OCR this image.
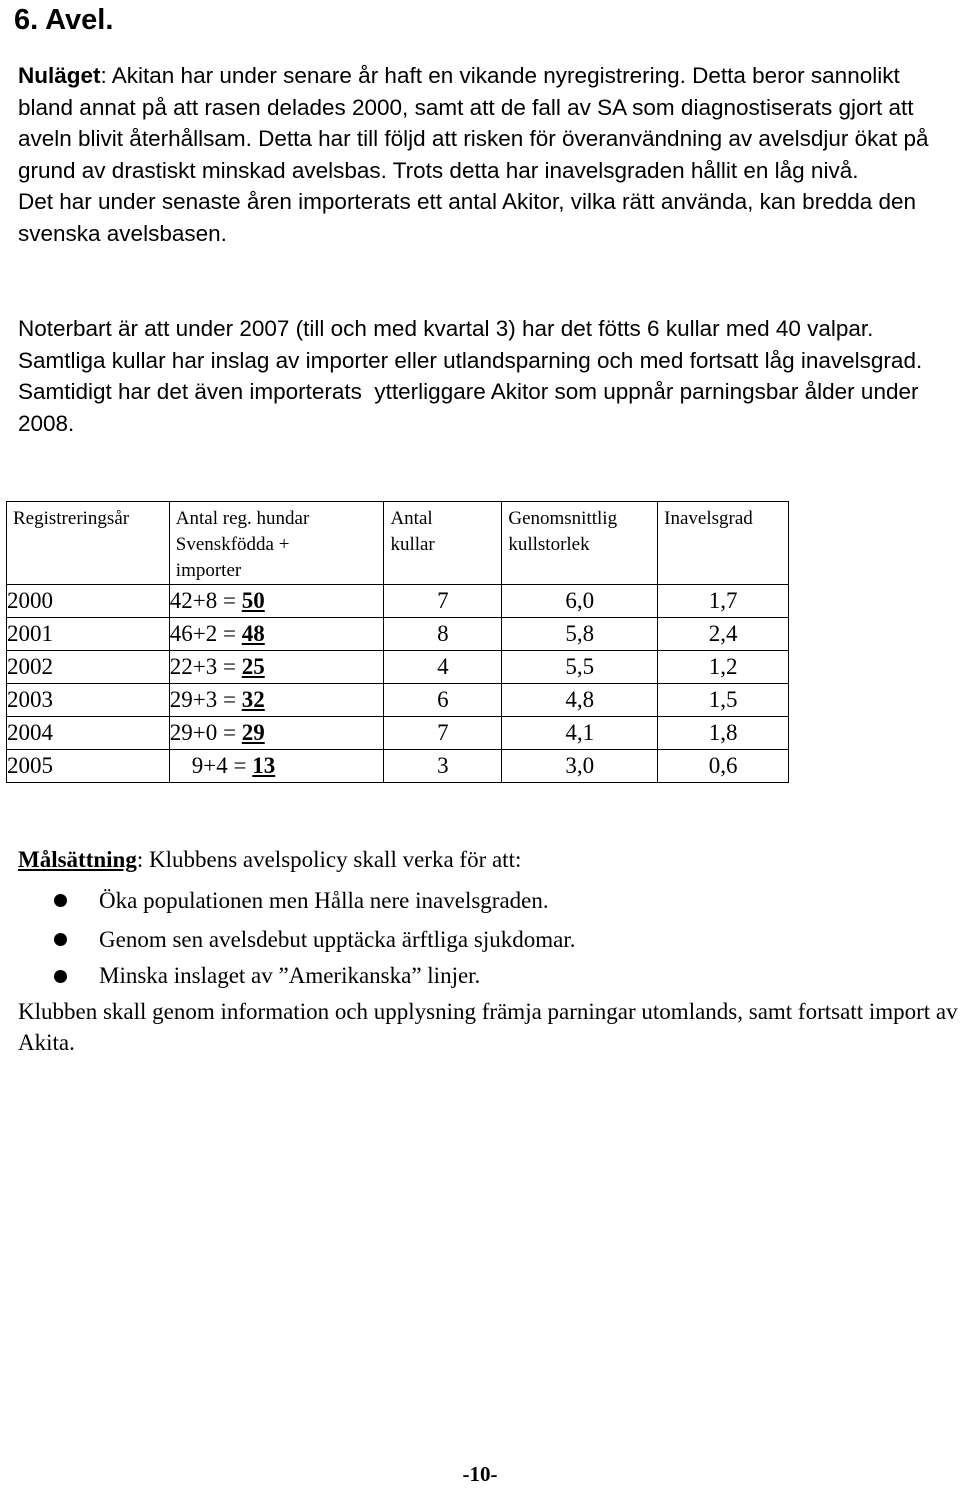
6. Avel.
Nuläget: Akitan har under senare år haft en vikande nyregistrering. Detta beror sannolikt bland annat på att rasen delades 2000, samt att de fall av SA som diagnostiserats gjort att aveln blivit återhållsam. Detta har till följd att risken för överanvändning av avelsdjur ökat på grund av drastiskt minskad avelsbas. Trots detta har inavelsgraden hållit en låg nivå.
Det har under senaste åren importerats ett antal Akitor, vilka rätt använda, kan bredda den svenska avelsbasen.
Noterbart är att under 2007 (till och med kvartal 3) har det fötts 6 kullar med 40 valpar. Samtliga kullar har inslag av importer eller utlandsparning och med fortsatt låg inavelsgrad.
Samtidigt har det även importerats  ytterliggare Akitor som uppnår parningsbar ålder under 2008.
Registreringsår	Antal reg. hundar Svenskfödda + importer	Antal kullar	Genomsnittlig kullstorlek	Inavelsgrad
2000	42+8 = 50	7	6,0	1,7
2001	46+2 = 48	8	5,8	2,4
2002	22+3 = 25	4	5,5	1,2
2003	29+3 = 32	6	4,8	1,5
2004	29+0 = 29	7	4,1	1,8
2005	9+4 = 13	3	3,0	0,6
Målsättning: Klubbens avelspolicy skall verka för att:
Öka populationen men Hålla nere inavelsgraden.
Genom sen avelsdebut upptäcka ärftliga sjukdomar.
Minska inslaget av ”Amerikanska” linjer.
Klubben skall genom information och upplysning främja parningar utomlands, samt fortsatt import av Akita.
-10-
